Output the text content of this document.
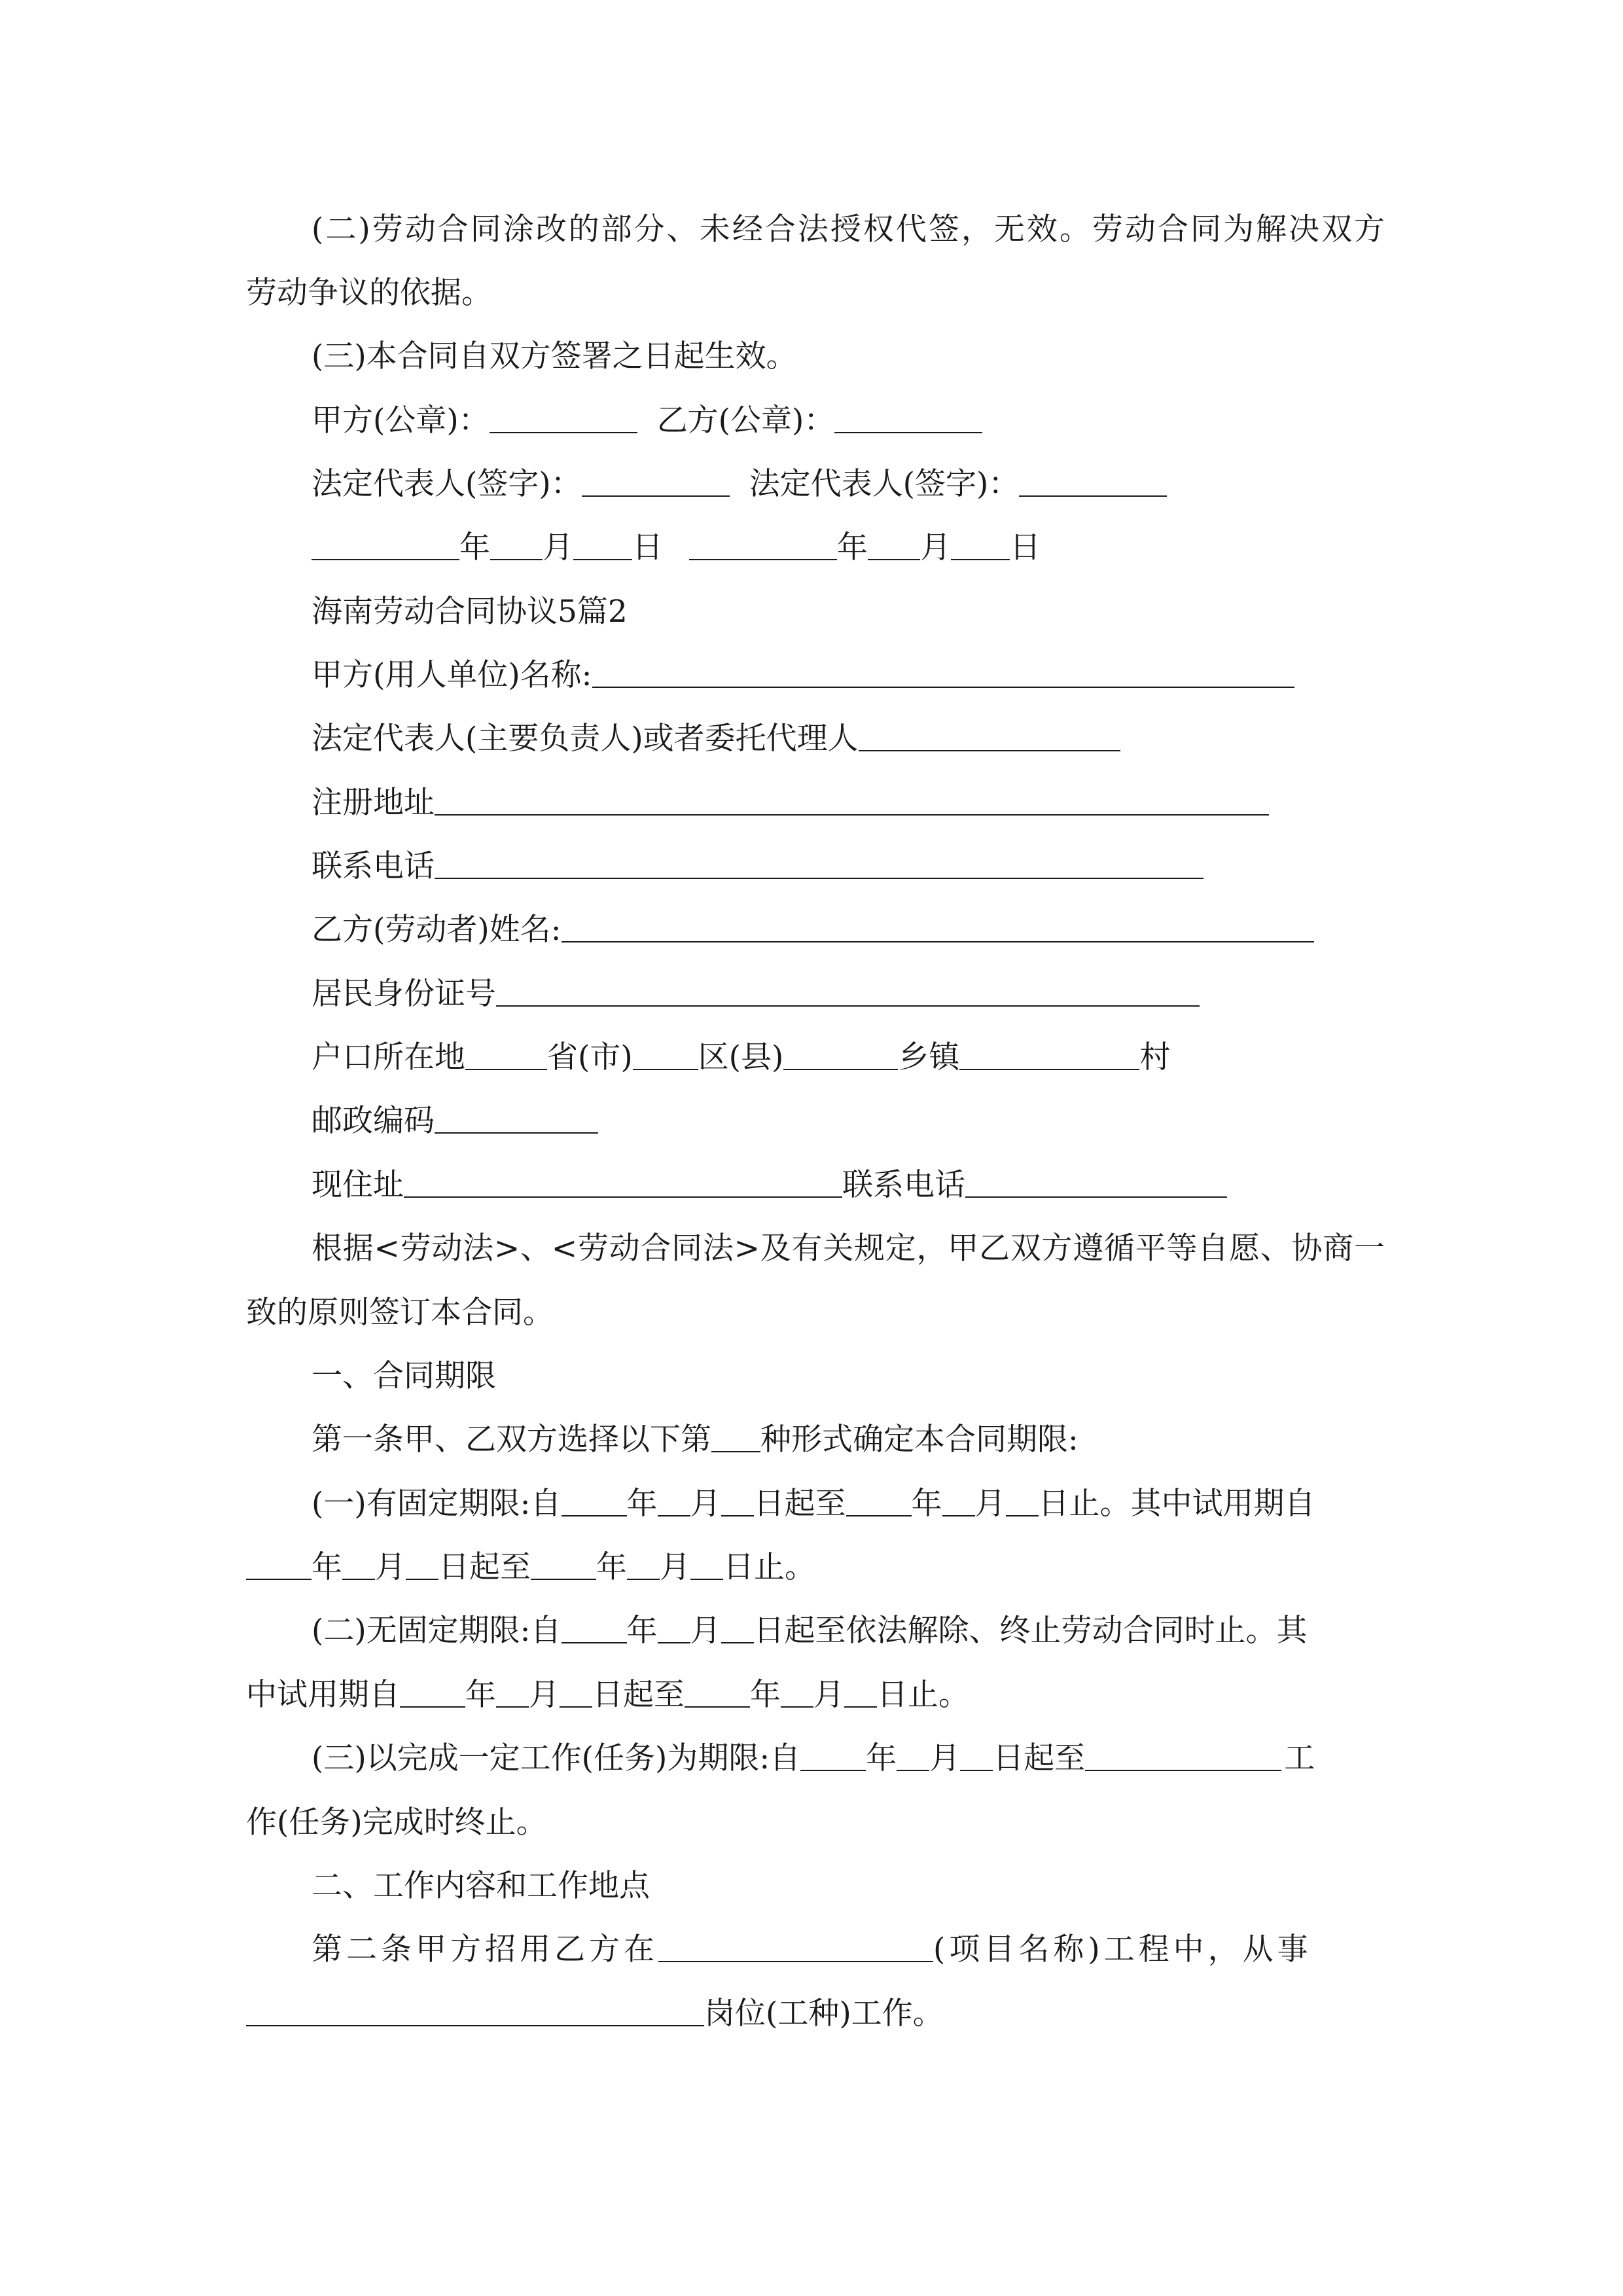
(二)劳动合同涂改的部分、未经合法授权代签，无效。劳动合同为解决双方
劳动争议的依据。
(三)本合同自双方签署之日起生效。
甲方(公章)：	乙方(公章)：
法定代表人(签字)：	法定代表人(签字)：
年 月 日	年 月 日
海南劳动合同协议5篇2
甲方(用人单位)名称:
法定代表人(主要负责人)或者委托代理人
注册地址
联系电话
乙方(劳动者)姓名:
居民身份证号
户口所在地	省(市) 区(县)	乡镇	村
邮政编码
现住址	联系电话
根据<劳动法>、<劳动合同法>及有关规定，甲乙双方遵循平等自愿、协商一
致的原则签订本合同。
一、合同期限
第一条甲、乙双方选择以下第 种形式确定本合同期限:
(一)有固定期限:自 年 月 日起至 年 月 日止。其中试用期自
年 月 日起至 年 月 日止。
(二)无固定期限:自 年 月 日起至依法解除、终止劳动合同时止。其
中试用期自 年 月 日起至 年 月 日止。
(三)以完成一定工作(任务)为期限:自 年 月 日起至	工
作(任务)完成时终止。
二、工作内容和工作地点
第二条甲方招用乙方在	(项目名称)工程中，从事
岗位(工种)工作。
